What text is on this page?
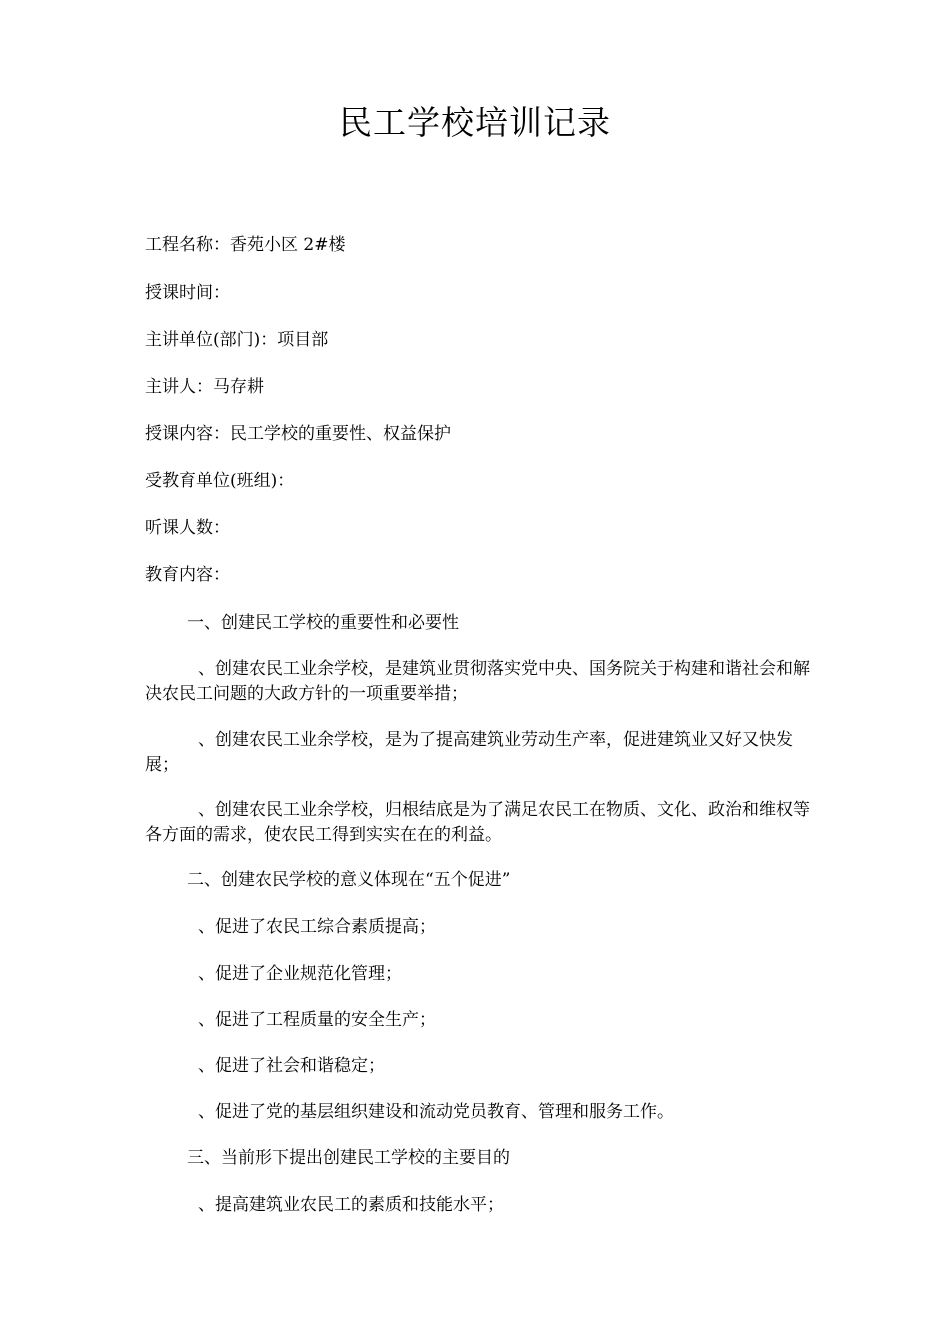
民工学校培训记录
工程名称：香苑小区 2#楼
授课时间：
主讲单位(部门)：项目部
主讲人：马存耕
授课内容：民工学校的重要性、权益保护
受教育单位(班组)：
听课人数：
教育内容：
一、创建民工学校的重要性和必要性
、创建农民工业余学校，是建筑业贯彻落实党中央、国务院关于构建和谐社会和解决农民工问题的大政方针的一项重要举措；
、创建农民工业余学校，是为了提高建筑业劳动生产率，促进建筑业又好又快发展；
、创建农民工业余学校，归根结底是为了满足农民工在物质、文化、政治和维权等各方面的需求，使农民工得到实实在在的利益。
二、创建农民学校的意义体现在“五个促进”
、促进了农民工综合素质提高；
、促进了企业规范化管理；
、促进了工程质量的安全生产；
、促进了社会和谐稳定；
、促进了党的基层组织建设和流动党员教育、管理和服务工作。
三、当前形下提出创建民工学校的主要目的
、提高建筑业农民工的素质和技能水平；
